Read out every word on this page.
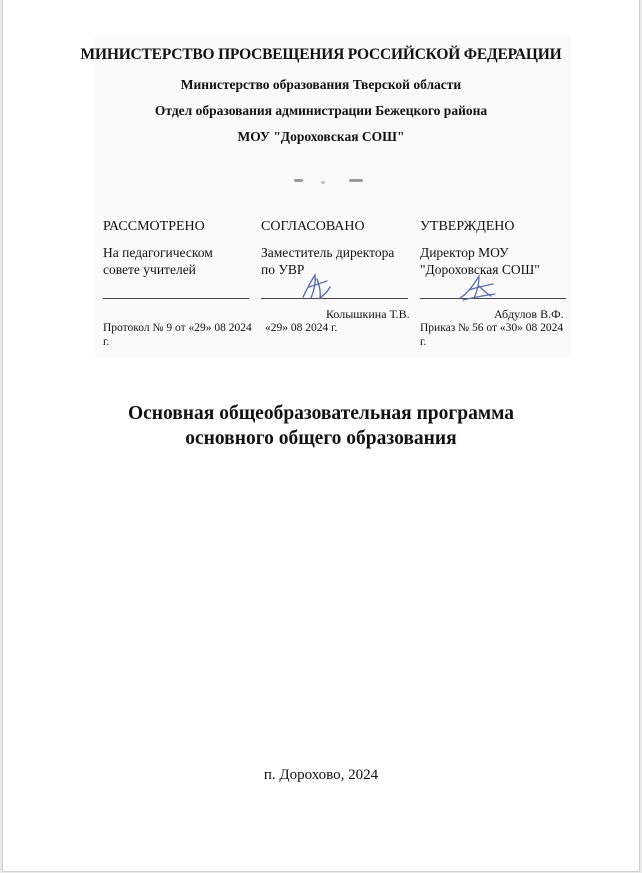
МИНИСТЕРСТВО ПРОСВЕЩЕНИЯ РОССИЙСКОЙ ФЕДЕРАЦИИ
Министерство образования Тверской области
Отдел образования администрации Бежецкого района
МОУ "Дороховская СОШ"
РАССМОТРЕНО
На педагогическом
совете учителей
СОГЛАСОВАНО
Заместитель директора
по УВР
УТВЕРЖДЕНО
Директор МОУ
"Дороховская СОШ"
Колышкина Т.В.	Абдулов В.Ф.
Протокол № 9 от «29» 08 2024 г.
«29» 08 2024 г.	Приказ № 56 от «30» 08 2024 г.
Основная общеобразовательная программа
основного общего образования
п. Дорохово, 2024
